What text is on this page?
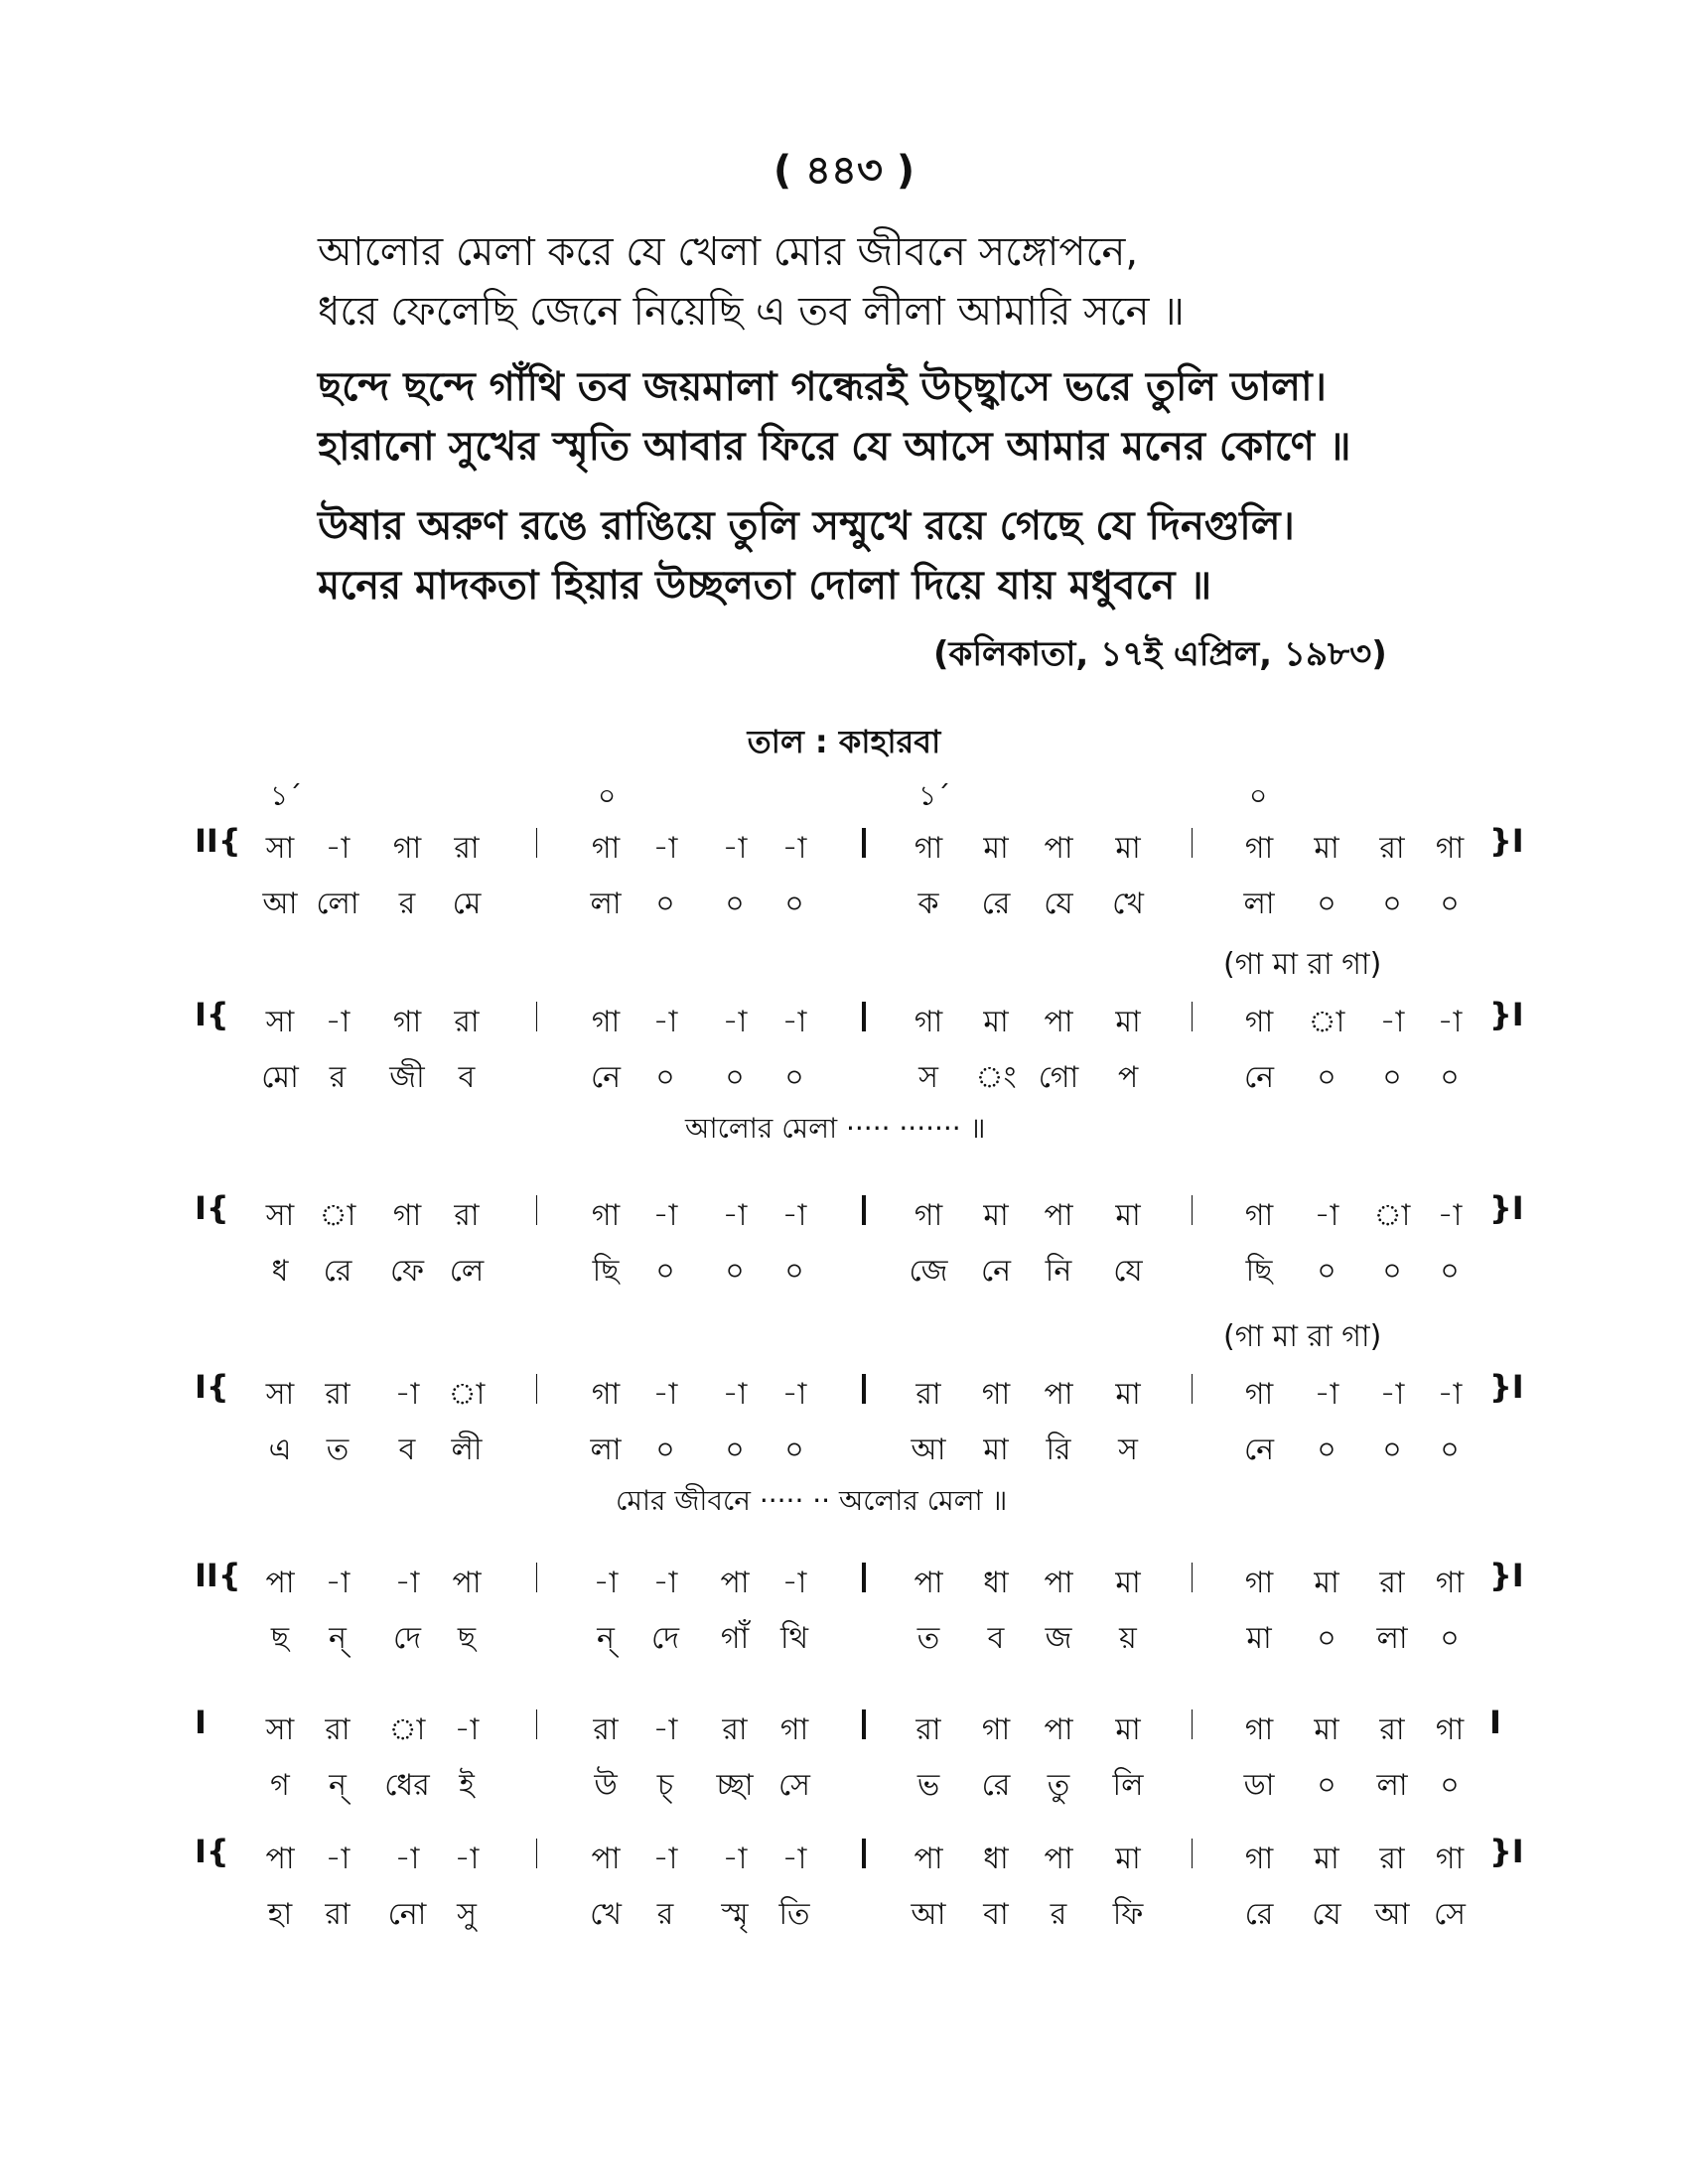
( ৪৪৩ )
আলোর মেলা করে যে খেলা মোর জীবনে সঙ্গোপনে,
ধরে ফেলেছি জেনে নিয়েছি এ তব লীলা আমারি সনে ॥
ছন্দে ছন্দে গাঁথি তব জয়মালা গন্ধেরই উচ্ছ্বাসে ভরে তুলি ডালা।
হারানো সুখের স্মৃতি আবার ফিরে যে আসে আমার মনের কোণে ॥
উষার অরুণ রঙে রাঙিয়ে তুলি সম্মুখে রয়ে গেছে যে দিনগুলি।
মনের মাদকতা হিয়ার উচ্ছলতা দোলা দিয়ে যায় মধুবনে ॥
(কলিকাতা, ১৭ই এপ্রিল, ১৯৮৩)
তাল : কাহারবা
১´	০	১´	০
II{	}I
সা	-া	গা	রা	গা	-া	-া	-া	গা	মা	পা	মা	গা	মা	রা	গা
আ লো	র	মে	লা	০	০	০	ক	রে	যে	খে	লা	০	০	০
I{	}I
(গা মা রা গা)
সা	-া	গা	রা	গা	-া	-া	-া	গা	মা	পা	মা	গা	া	-া	-া
মো	র	জী	ব	নে	০	০	০	স	ং গো	প	নে	০	০	০
আলোর মেলা ····· ······· ॥
I{	}I
সা া	গা	রা	গা	-া	-া	-া	গা	মা	পা	মা	গা	-া	া -া
ধ	রে	ফে লে	ছি	০	০	০	জে	নে	নি	যে	ছি	০	০	০
I{	}I
(গা মা রা গা)
সা	রা	-া া	গা	-া	-া	-া	রা	গা	পা	মা	গা	-া	-া	-া
এ	ত	ব	লী	লা	০	০	০	আ	মা	রি	স	নে	০	০	০
মোর জীবনে ····· ·· অলোর মেলা ॥
II{	}I
পা	-া	-া	পা	-া	-া	পা	-া	পা	ধা	পা	মা	গা	মা	রা	গা
ছ	ন্	দে	ছ	ন্	দে	গাঁ	থি	ত	ব	জ	য়	মা	০	লা	০
I	I
সা	রা	া -া	রা	-া	রা	গা	রা	গা	পা	মা	গা	মা	রা	গা
গ	ন্	ধের ই	উ	চ্	চ্ছা সে	ভ	রে	তু	লি	ডা	০	লা	০
I{	}I
পা	-া	-া	-া	পা	-া	-া	-া	পা	ধা	পা	মা	গা	মা	রা	গা
হা	রা	নো	সু	খে	র	স্মৃ	তি	আ	বা	র	ফি	রে	যে	আ সে
